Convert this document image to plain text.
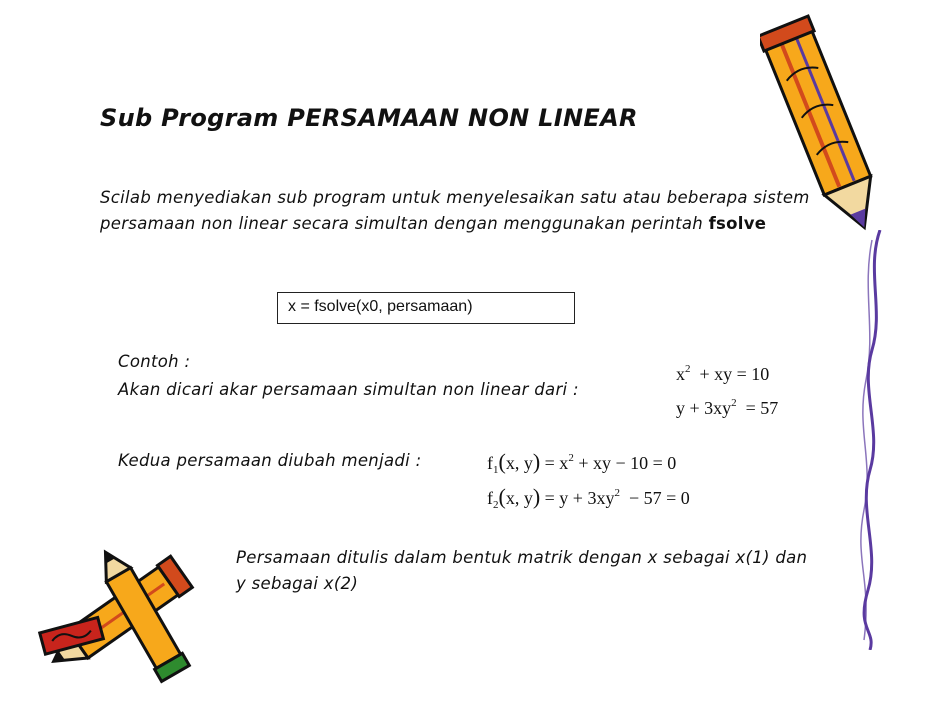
Sub Program PERSAMAAN NON LINEAR
Scilab menyediakan sub program untuk menyelesaikan satu atau beberapa sistem persamaan non linear secara simultan dengan menggunakan perintah fsolve
x = fsolve(x0, persamaan)
Contoh :
Akan dicari akar persamaan simultan non linear dari :
$x^2$  + xy = 10
$y + 3xy^2 = 57$
Kedua persamaan diubah menjadi :	$f_1(x$, $y) = x^2$ + xy − 10 = 0
$f_2(x$, $y) = y + 3xy^2 - 57 = 0$
Persamaan ditulis dalam bentuk matrik dengan x sebagai x(1) dan y sebagai x(2)
